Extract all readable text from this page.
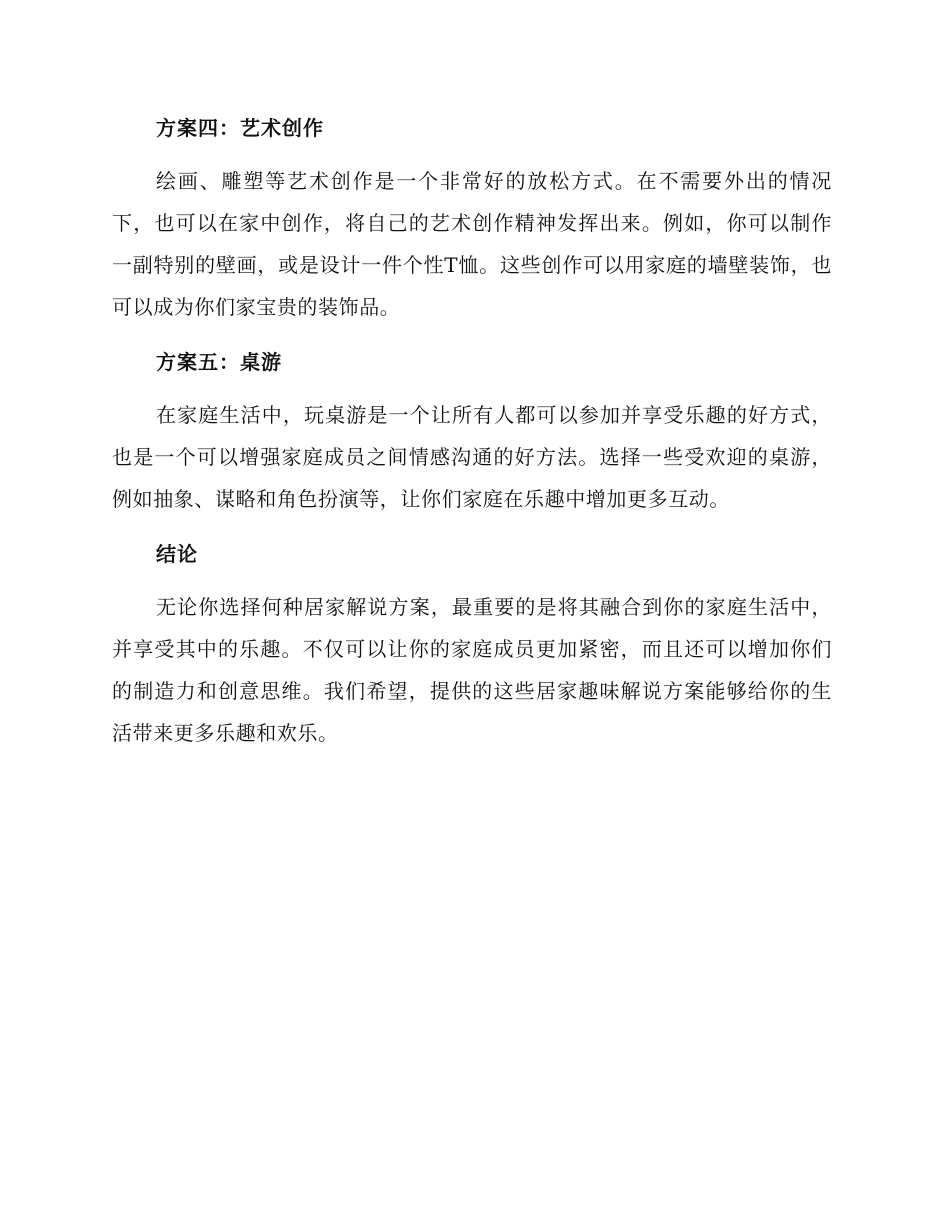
方案四：艺术创作

绘画、雕塑等艺术创作是一个非常好的放松方式。在不需要外出的情况下，也可以在家中创作，将自己的艺术创作精神发挥出来。例如，你可以制作一副特别的壁画，或是设计一件个性T恤。这些创作可以用家庭的墙壁装饰，也可以成为你们家宝贵的装饰品。

方案五：桌游

在家庭生活中，玩桌游是一个让所有人都可以参加并享受乐趣的好方式，也是一个可以增强家庭成员之间情感沟通的好方法。选择一些受欢迎的桌游，例如抽象、谋略和角色扮演等，让你们家庭在乐趣中增加更多互动。

结论

无论你选择何种居家解说方案，最重要的是将其融合到你的家庭生活中，并享受其中的乐趣。不仅可以让你的家庭成员更加紧密，而且还可以增加你们的制造力和创意思维。我们希望，提供的这些居家趣味解说方案能够给你的生活带来更多乐趣和欢乐。
